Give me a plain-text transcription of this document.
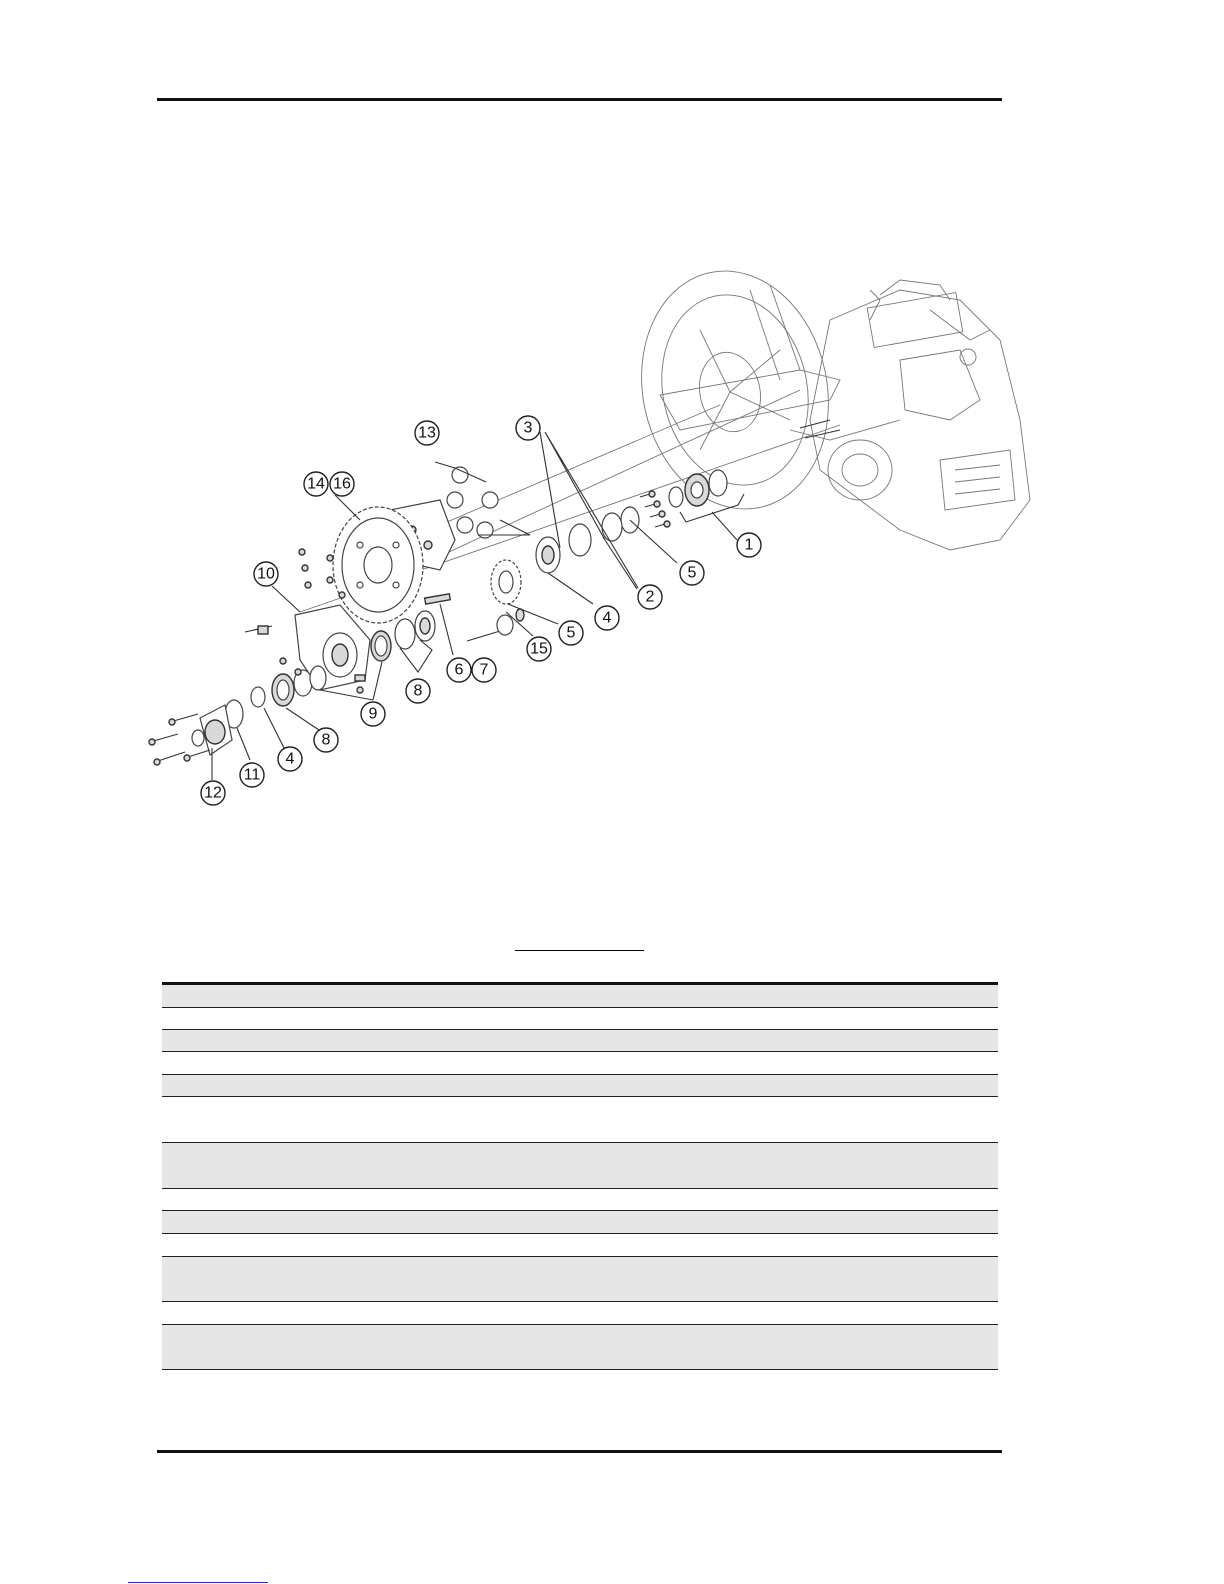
1
2
3
4
5
5
6 7
8
9
8
4
10
11
12
13
14 16
15
